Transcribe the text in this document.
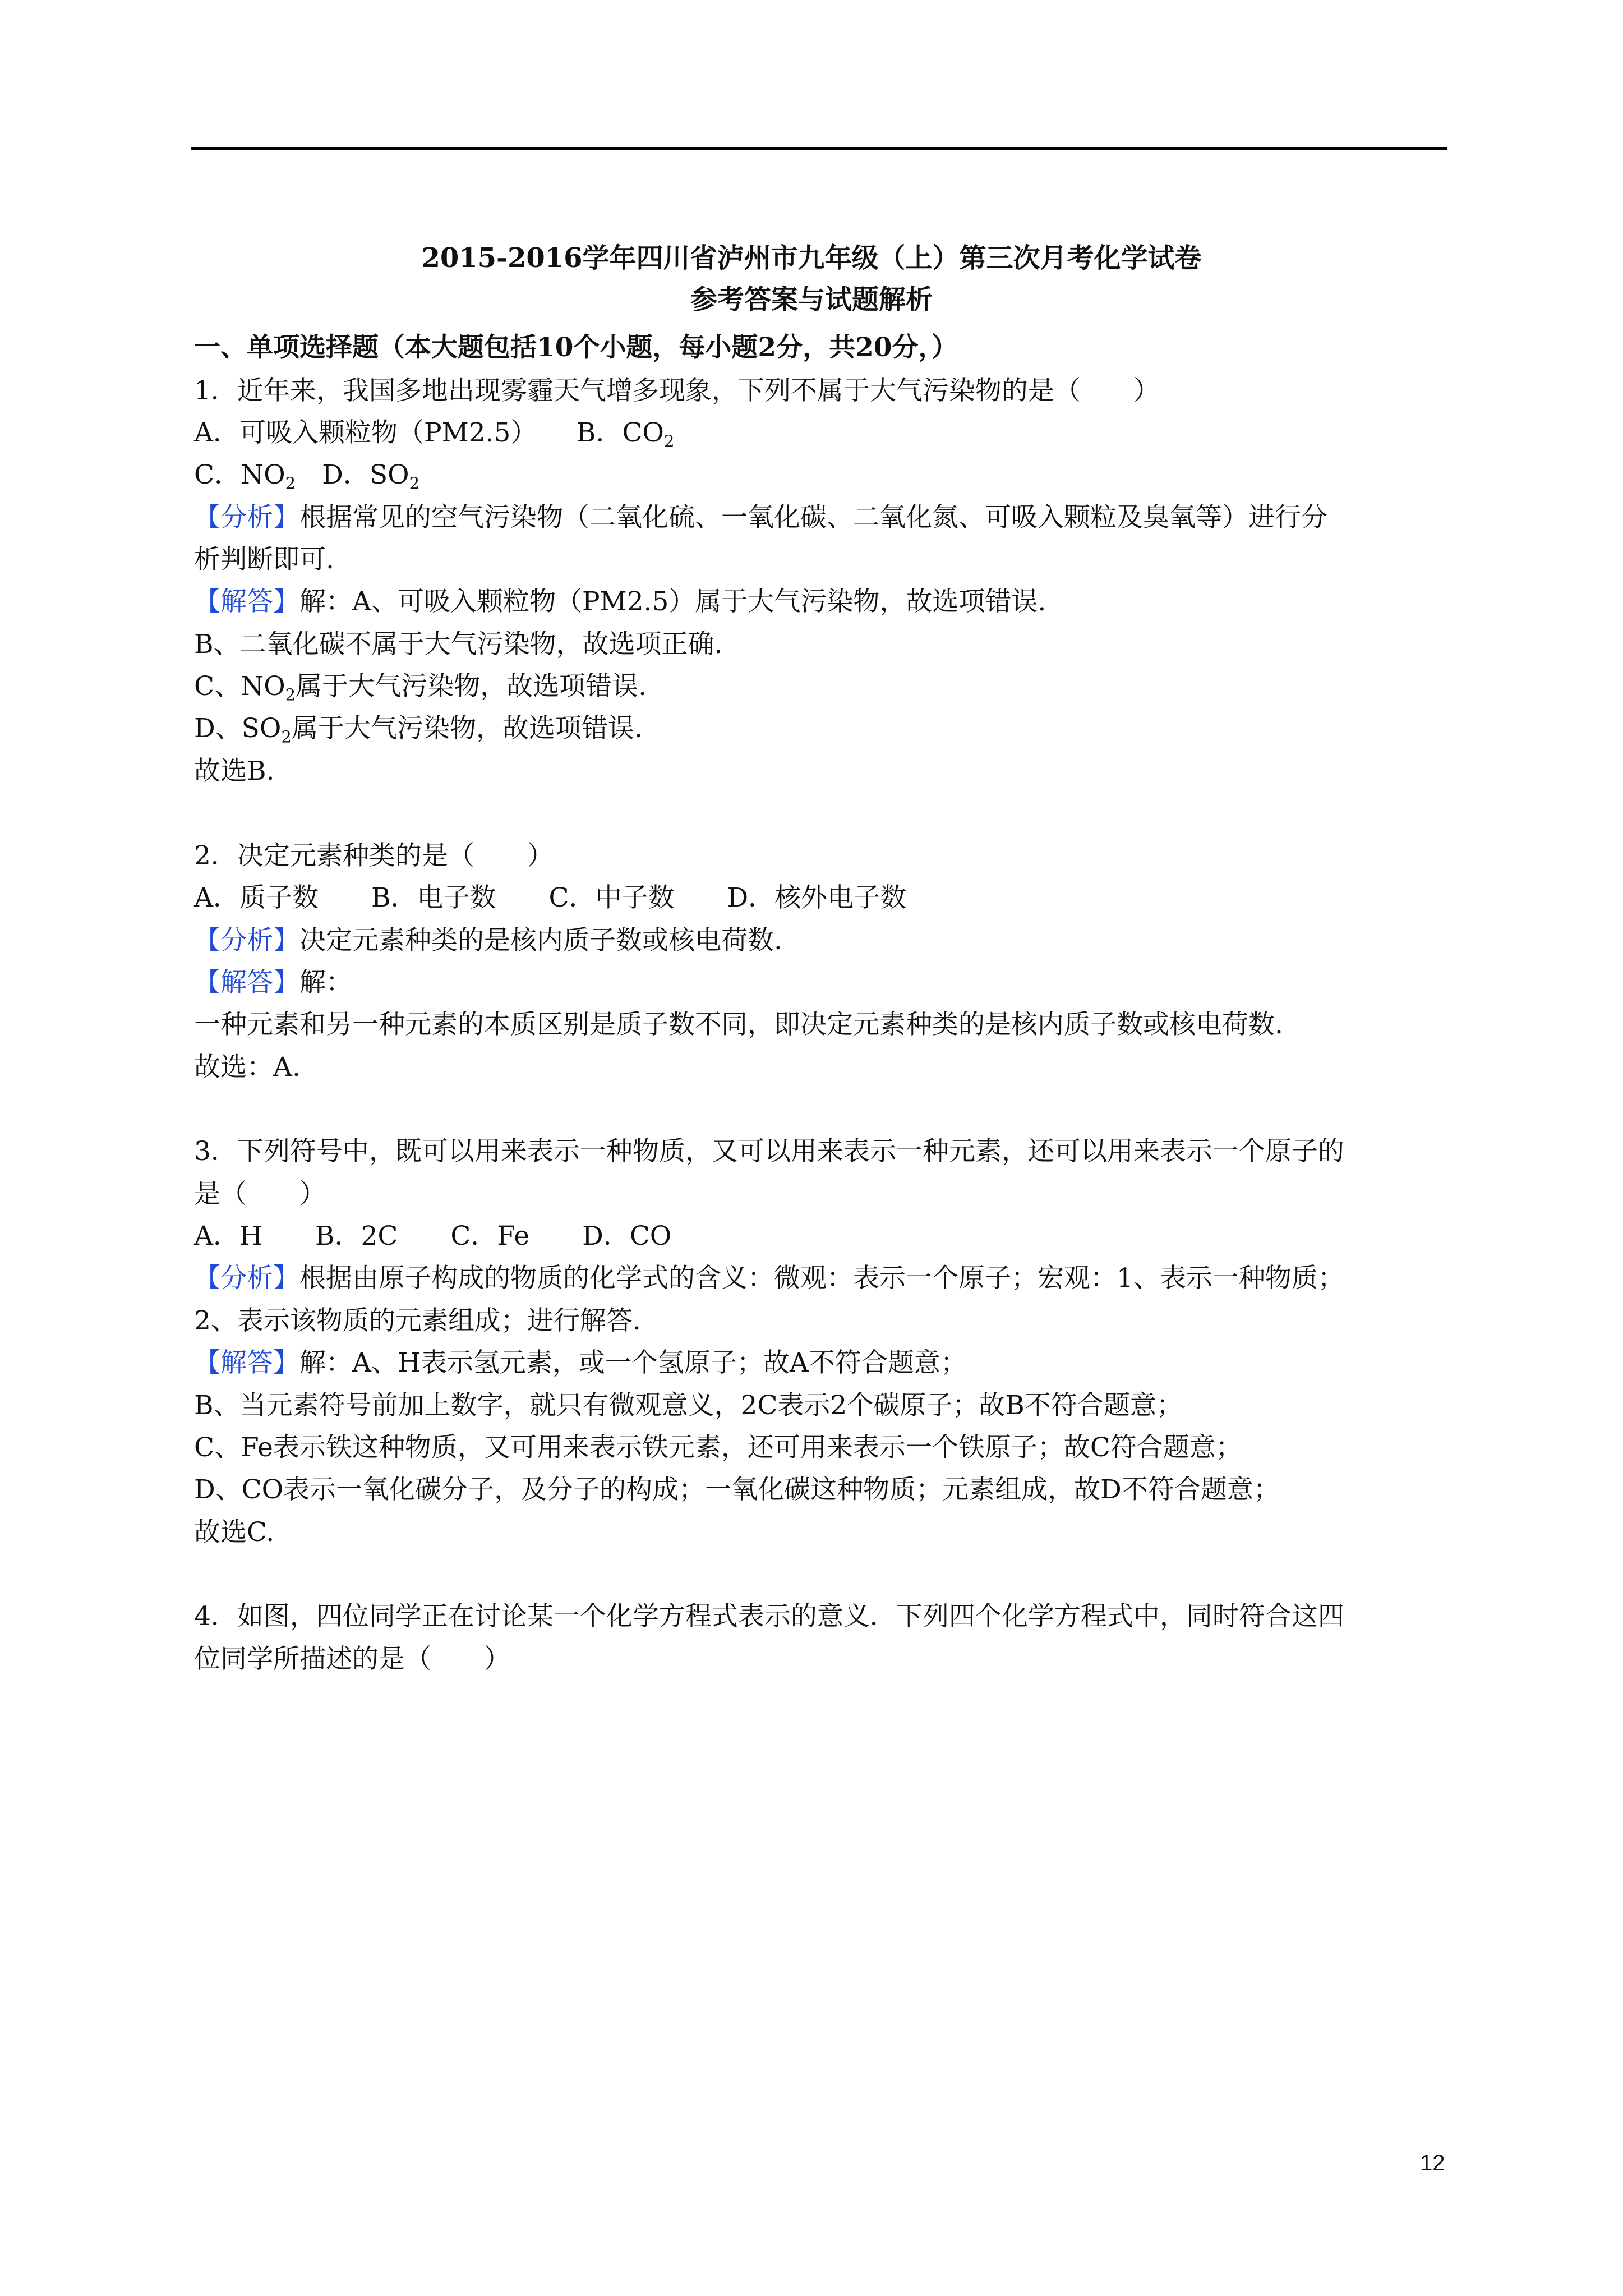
2015-2016学年四川省泸州市九年级（上）第三次月考化学试卷
参考答案与试题解析
一、单项选择题（本大题包括10个小题，每小题2分，共20分，）
1．近年来，我国多地出现雾霾天气增多现象，下列不属于大气污染物的是（　　）
A．可吸入颗粒物（PM2.5）　　B．$CO_2$
C．$NO_2$　D．$SO_2$
【分析】根据常见的空气污染物（二氧化硫、一氧化碳、二氧化氮、可吸入颗粒及臭氧等）进行分
析判断即可.
【解答】解：A、可吸入颗粒物（PM2.5）属于大气污染物，故选项错误.
B、二氧化碳不属于大气污染物，故选项正确.
C、$NO_2$属于大气污染物，故选项错误.
D、$SO_2$属于大气污染物，故选项错误.
故选B.
2．决定元素种类的是（　　）
A．质子数　　B．电子数　　C．中子数　　D．核外电子数
【分析】决定元素种类的是核内质子数或核电荷数.
【解答】解：
一种元素和另一种元素的本质区别是质子数不同，即决定元素种类的是核内质子数或核电荷数.
故选：A.
3．下列符号中，既可以用来表示一种物质，又可以用来表示一种元素，还可以用来表示一个原子的
是（　　）
A．H　　B．2C　　C．Fe　　D．CO
【分析】根据由原子构成的物质的化学式的含义：微观：表示一个原子；宏观：1、表示一种物质；
2、表示该物质的元素组成；进行解答.
【解答】解：A、H表示氢元素，或一个氢原子；故A不符合题意；
B、当元素符号前加上数字，就只有微观意义，2C表示2个碳原子；故B不符合题意；
C、Fe表示铁这种物质，又可用来表示铁元素，还可用来表示一个铁原子；故C符合题意；
D、CO表示一氧化碳分子，及分子的构成；一氧化碳这种物质；元素组成，故D不符合题意；
故选C.
4．如图，四位同学正在讨论某一个化学方程式表示的意义．下列四个化学方程式中，同时符合这四
位同学所描述的是（　　）
12
